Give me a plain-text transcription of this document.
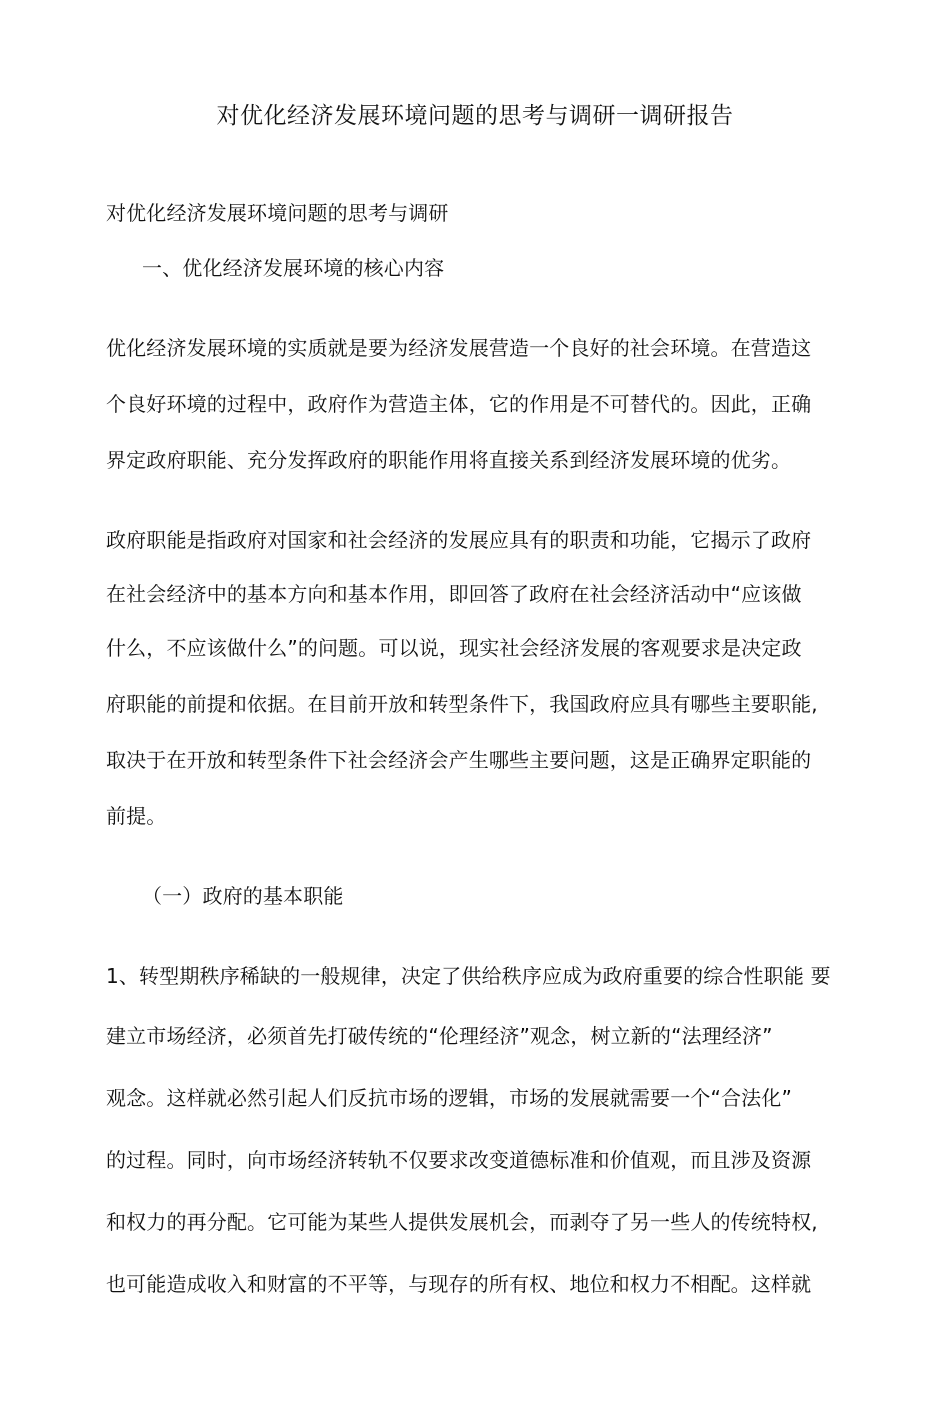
对优化经济发展环境问题的思考与调研一调研报告
对优化经济发展环境问题的思考与调研
一、优化经济发展环境的核心内容
优化经济发展环境的实质就是要为经济发展营造一个良好的社会环境。在营造这
个良好环境的过程中，政府作为营造主体，它的作用是不可替代的。因此，正确
界定政府职能、充分发挥政府的职能作用将直接关系到经济发展环境的优劣。
政府职能是指政府对国家和社会经济的发展应具有的职责和功能，它揭示了政府
在社会经济中的基本方向和基本作用，即回答了政府在社会经济活动中“应该做
什么，不应该做什么”的问题。可以说，现实社会经济发展的客观要求是决定政
府职能的前提和依据。在目前开放和转型条件下，我国政府应具有哪些主要职能,
取决于在开放和转型条件下社会经济会产生哪些主要问题，这是正确界定职能的
前提。
（一）政府的基本职能
1、转型期秩序稀缺的一般规律，决定了供给秩序应成为政府重要的综合性职能 要
建立市场经济，必须首先打破传统的“伦理经济”观念，树立新的“法理经济”
观念。这样就必然引起人们反抗市场的逻辑，市场的发展就需要一个“合法化”
的过程。同时，向市场经济转轨不仅要求改变道德标准和价值观，而且涉及资源
和权力的再分配。它可能为某些人提供发展机会，而剥夺了另一些人的传统特权,
也可能造成收入和财富的不平等，与现存的所有权、地位和权力不相配。这样就
